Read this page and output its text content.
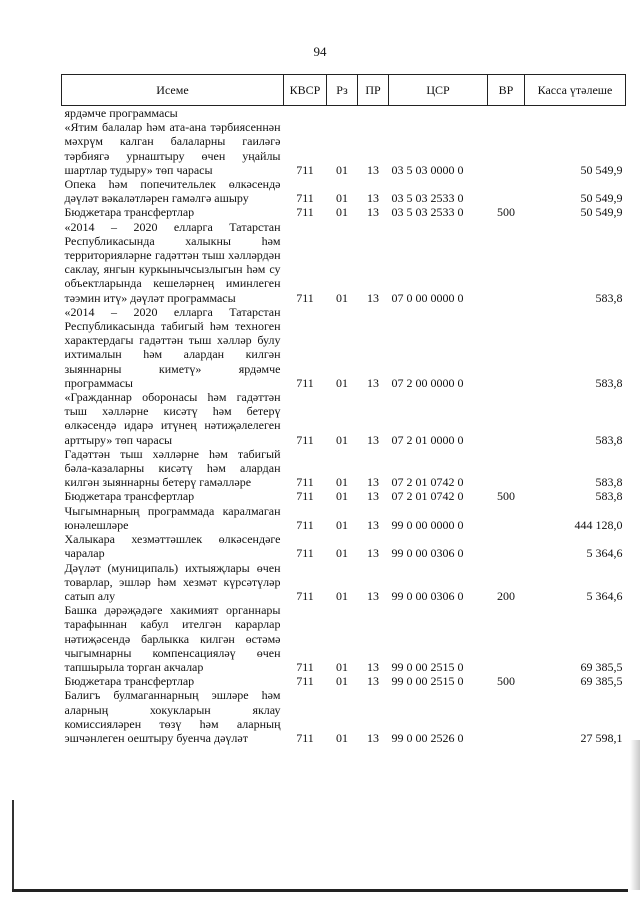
94
Исеме	КВСР	Рз	ПР	ЦСР	ВР	Касса үтәлеше
ярдәмче программасы						
«Ятим балалар һәм ата-ана тәрбиясеннән мәхрүм калган балаларны гаиләгә тәрбиягә урнаштыру өчен уңайлы шартлар тудыру» төп чарасы	711	01	13	03 5 03 0000 0		50 549,9
Опека һәм попечительлек өлкәсендә дәүләт вәкаләтләрен гамәлгә ашыру	711	01	13	03 5 03 2533 0		50 549,9
Бюджетара трансфертлар	711	01	13	03 5 03 2533 0	500	50 549,9
«2014 – 2020 елларга Татарстан Республикасында халыкны һәм территорияләрне гадәттән тыш хәлләрдән саклау, янгын куркынычсызлыгын һәм су объектларында кешеләрнең иминлеген тәэмин итү» дәүләт программасы	711	01	13	07 0 00 0000 0		583,8
«2014 – 2020 елларга Татарстан Республикасында табигый һәм техноген характердагы гадәттән тыш хәлләр булу ихтималын һәм алардан килгән зыяннарны киметү» ярдәмче программасы	711	01	13	07 2 00 0000 0		583,8
«Гражданнар оборонасы һәм гадәттән тыш хәлләрне кисәтү һәм бетерү өлкәсендә идарә итүнең нәтиҗәлелеген арттыру» төп чарасы	711	01	13	07 2 01 0000 0		583,8
Гадәттән тыш хәлләрне һәм табигый бәла-казаларны кисәтү һәм алардан килгән зыяннарны бетерү гамәлләре	711	01	13	07 2 01 0742 0		583,8
Бюджетара трансфертлар	711	01	13	07 2 01 0742 0	500	583,8
Чыгымнарның программада каралмаган юнәлешләре	711	01	13	99 0 00 0000 0		444 128,0
Халыкара хезмәттәшлек өлкәсендәге чаралар	711	01	13	99 0 00 0306 0		5 364,6
Дәүләт (муниципаль) ихтыяҗлары өчен товарлар, эшләр һәм хезмәт күрсәтүләр сатып алу	711	01	13	99 0 00 0306 0	200	5 364,6
Башка дәрәҗәдәге хакимият органнары тарафыннан кабул ителгән карарлар нәтиҗәсендә барлыкка килгән өстәмә чыгымнарны компенсацияләү өчен тапшырыла торган акчалар	711	01	13	99 0 00 2515 0		69 385,5
Бюджетара трансфертлар	711	01	13	99 0 00 2515 0	500	69 385,5
Балигъ булмаганнарның эшләре һәм аларның хокукларын яклау комиссияләрен төзү һәм аларның эшчәнлеген оештыру буенча дәүләт	711	01	13	99 0 00 2526 0		27 598,1
